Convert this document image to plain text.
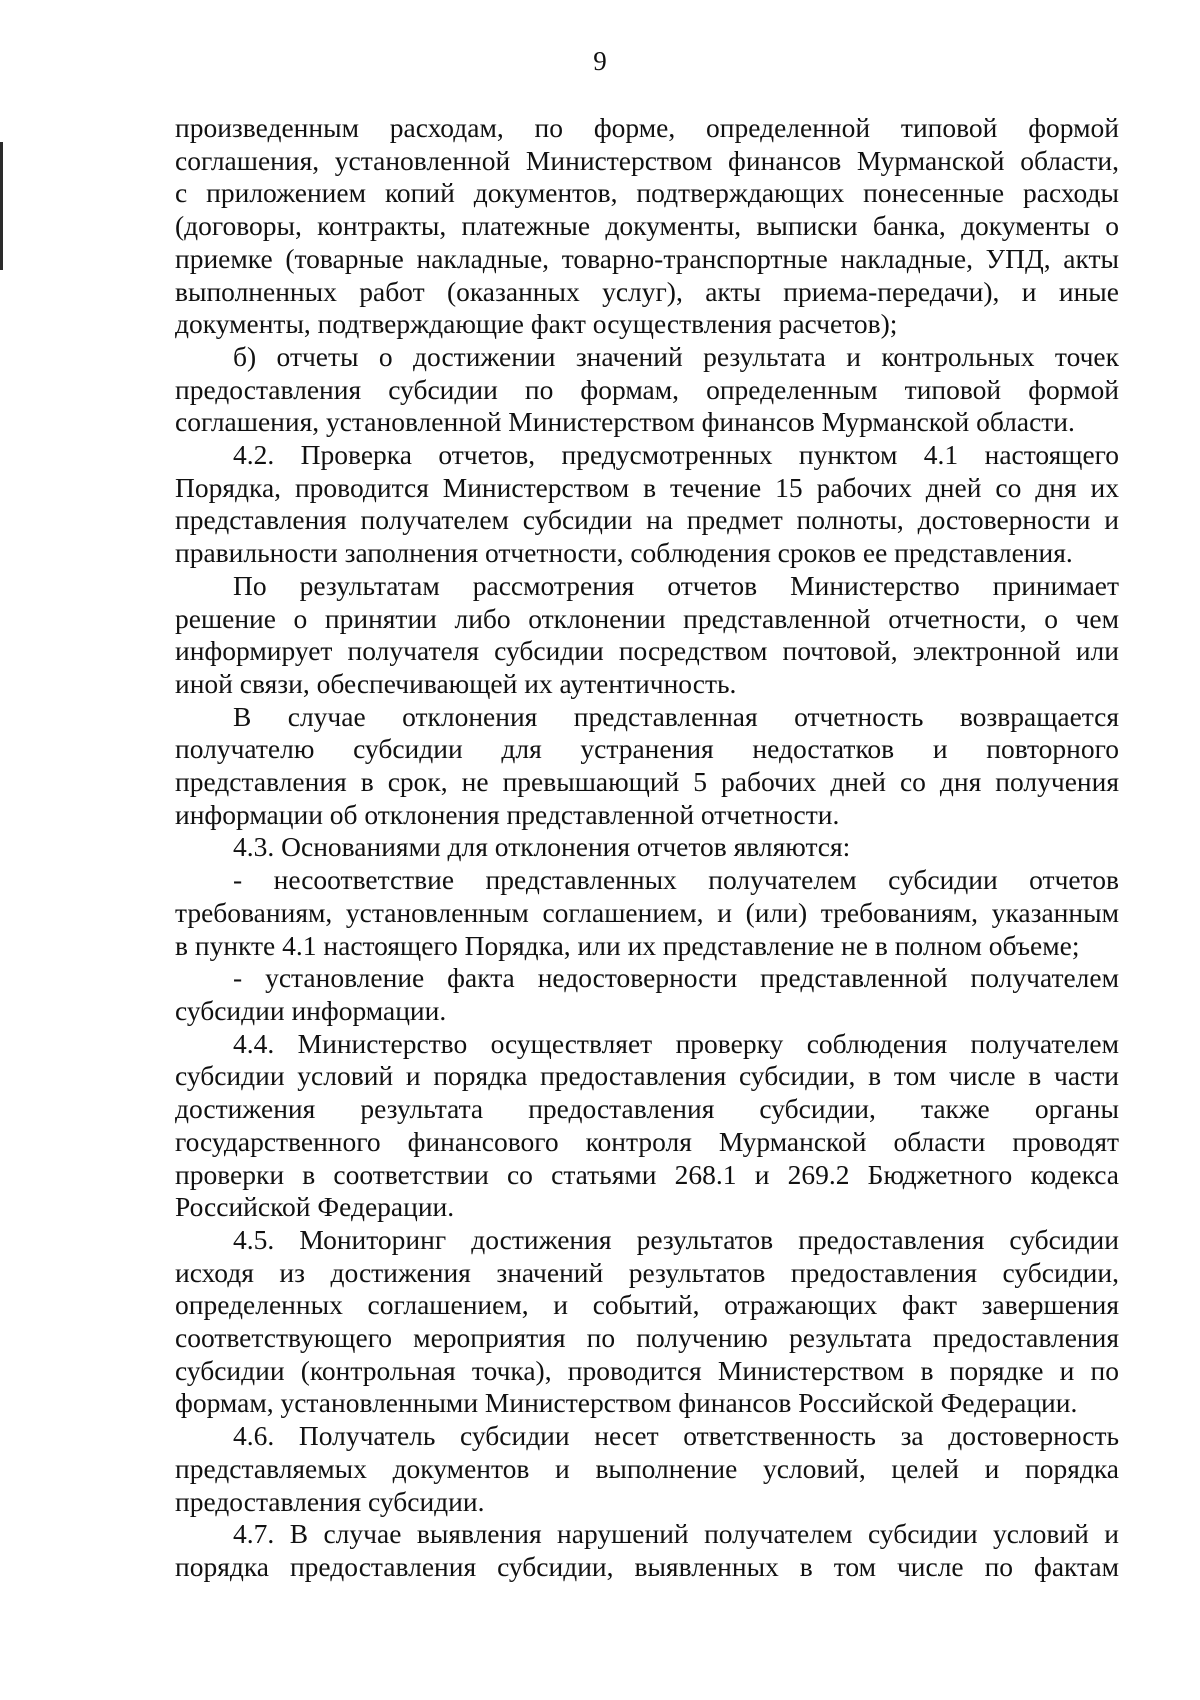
9
произведенным расходам, по форме, определенной типовой формой
соглашения, установленной Министерством финансов Мурманской области,
с приложением копий документов, подтверждающих понесенные расходы
(договоры, контракты, платежные документы, выписки банка, документы о
приемке (товарные накладные, товарно-транспортные накладные, УПД, акты
выполненных работ (оказанных услуг), акты приема-передачи), и иные
документы, подтверждающие факт осуществления расчетов);
б) отчеты о достижении значений результата и контрольных точек
предоставления субсидии по формам, определенным типовой формой
соглашения, установленной Министерством финансов Мурманской области.
4.2. Проверка отчетов, предусмотренных пунктом 4.1 настоящего
Порядка, проводится Министерством в течение 15 рабочих дней со дня их
представления получателем субсидии на предмет полноты, достоверности и
правильности заполнения отчетности, соблюдения сроков ее представления.
По результатам рассмотрения отчетов Министерство принимает
решение о принятии либо отклонении представленной отчетности, о чем
информирует получателя субсидии посредством почтовой, электронной или
иной связи, обеспечивающей их аутентичность.
В случае отклонения представленная отчетность возвращается
получателю субсидии для устранения недостатков и повторного
представления в срок, не превышающий 5 рабочих дней со дня получения
информации об отклонения представленной отчетности.
4.3. Основаниями для отклонения отчетов являются:
- несоответствие представленных получателем субсидии отчетов
требованиям, установленным соглашением, и (или) требованиям, указанным
в пункте 4.1 настоящего Порядка, или их представление не в полном объеме;
- установление факта недостоверности представленной получателем
субсидии информации.
4.4. Министерство осуществляет проверку соблюдения получателем
субсидии условий и порядка предоставления субсидии, в том числе в части
достижения результата предоставления субсидии, также органы
государственного финансового контроля Мурманской области проводят
проверки в соответствии со статьями 268.1 и 269.2 Бюджетного кодекса
Российской Федерации.
4.5. Мониторинг достижения результатов предоставления субсидии
исходя из достижения значений результатов предоставления субсидии,
определенных соглашением, и событий, отражающих факт завершения
соответствующего мероприятия по получению результата предоставления
субсидии (контрольная точка), проводится Министерством в порядке и по
формам, установленными Министерством финансов Российской Федерации.
4.6. Получатель субсидии несет ответственность за достоверность
представляемых документов и выполнение условий, целей и порядка
предоставления субсидии.
4.7. В случае выявления нарушений получателем субсидии условий и
порядка предоставления субсидии, выявленных в том числе по фактам
